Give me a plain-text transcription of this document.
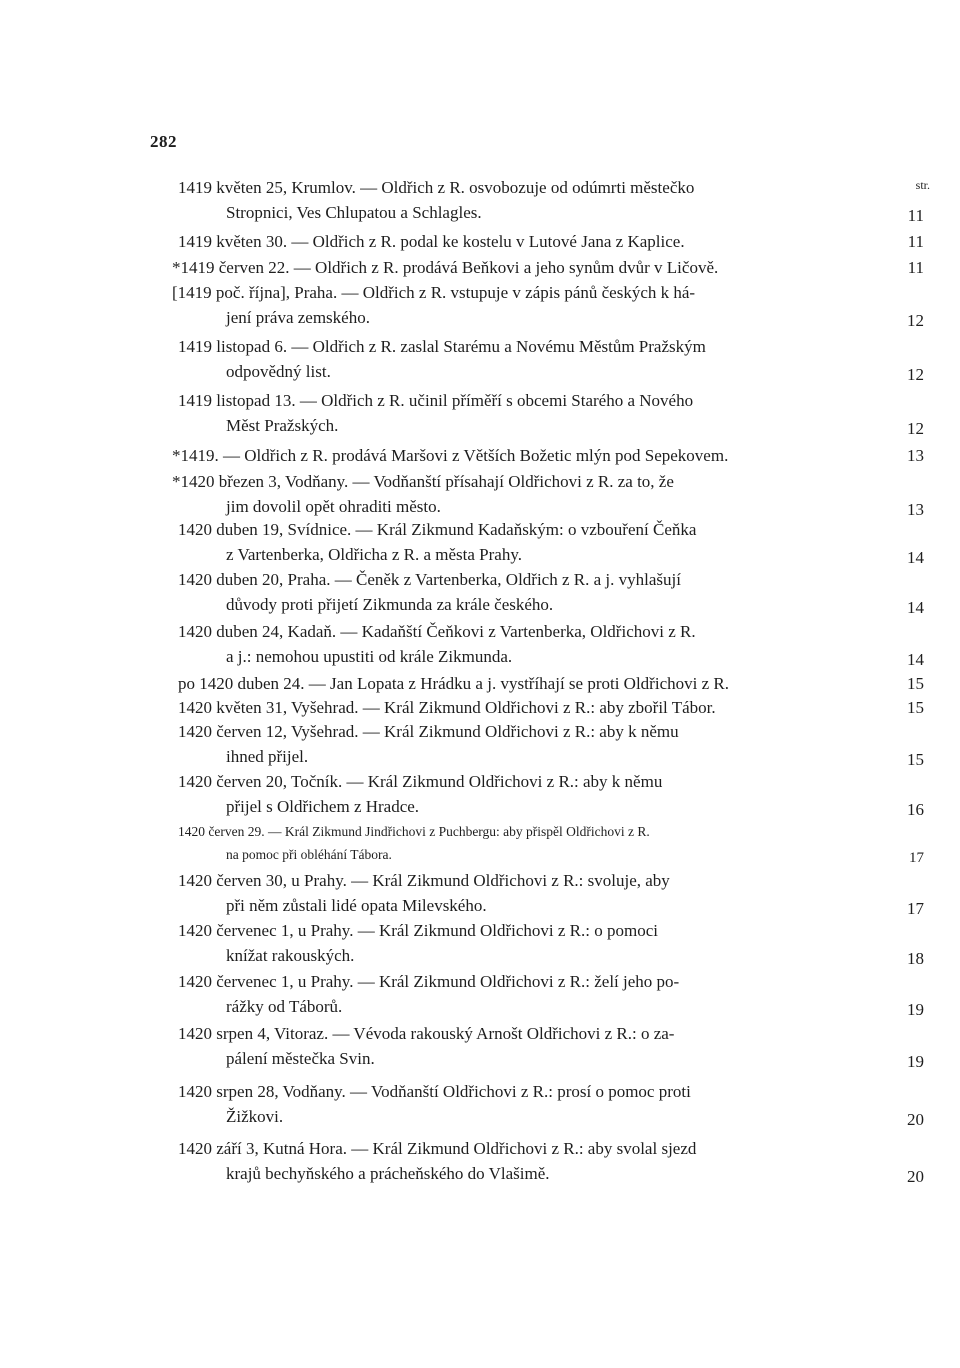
282
str.
1419 květen 25, Krumlov. — Oldřich z R. osvobozuje od odúmrti městečko
Stropnici, Ves Chlupatou a Schlagles.	11
1419 květen 30. — Oldřich z R. podal ke kostelu v Lutové Jana z Kaplice.	11
*1419 červen 22. — Oldřich z R. prodává Beňkovi a jeho synům dvůr v Ličově.	11
[1419 poč. října], Praha. — Oldřich z R. vstupuje v zápis pánů českých k há-
jení práva zemského.	12
1419 listopad 6. — Oldřich z R. zaslal Starému a Novému Městům Pražským
odpovědný list.	12
1419 listopad 13. — Oldřich z R. učinil příměří s obcemi Starého a Nového
Měst Pražských.	12
*1419. — Oldřich z R. prodává Maršovi z Větších Božetic mlýn pod Sepekovem.	13
*1420 březen 3, Vodňany. — Vodňanští přísahají Oldřichovi z R. za to, že
jim dovolil opět ohraditi město.	13
1420 duben 19, Svídnice. — Král Zikmund Kadaňským: o vzbouření Čeňka
z Vartenberka, Oldřicha z R. a města Prahy.	14
1420 duben 20, Praha. — Čeněk z Vartenberka, Oldřich z R. a j. vyhlašují
důvody proti přijetí Zikmunda za krále českého.	14
1420 duben 24, Kadaň. — Kadaňští Čeňkovi z Vartenberka, Oldřichovi z R.
a j.: nemohou upustiti od krále Zikmunda.	14
po 1420 duben 24. — Jan Lopata z Hrádku a j. vystříhají se proti Oldřichovi z R.	15
1420 květen 31, Vyšehrad. — Král Zikmund Oldřichovi z R.: aby zbořil Tábor.	15
1420 červen 12, Vyšehrad. — Král Zikmund Oldřichovi z R.: aby k němu
ihned přijel.	15
1420 červen 20, Točník. — Král Zikmund Oldřichovi z R.: aby k němu
přijel s Oldřichem z Hradce.	16
1420 červen 29. — Král Zikmund Jindřichovi z Puchbergu: aby přispěl Oldřichovi z R.
na pomoc při obléhání Tábora.	17
1420 červen 30, u Prahy. — Král Zikmund Oldřichovi z R.: svoluje, aby
při něm zůstali lidé opata Milevského.	17
1420 červenec 1, u Prahy. — Král Zikmund Oldřichovi z R.: o pomoci
knížat rakouských.	18
1420 červenec 1, u Prahy. — Král Zikmund Oldřichovi z R.: želí jeho po-
rážky od Táborů.	19
1420 srpen 4, Vitoraz. — Vévoda rakouský Arnošt Oldřichovi z R.: o za-
pálení městečka Svin.	19
1420 srpen 28, Vodňany. — Vodňanští Oldřichovi z R.: prosí o pomoc proti
Žižkovi.	20
1420 září 3, Kutná Hora. — Král Zikmund Oldřichovi z R.: aby svolal sjezd
krajů bechyňského a prácheňského do Vlašimě.	20
